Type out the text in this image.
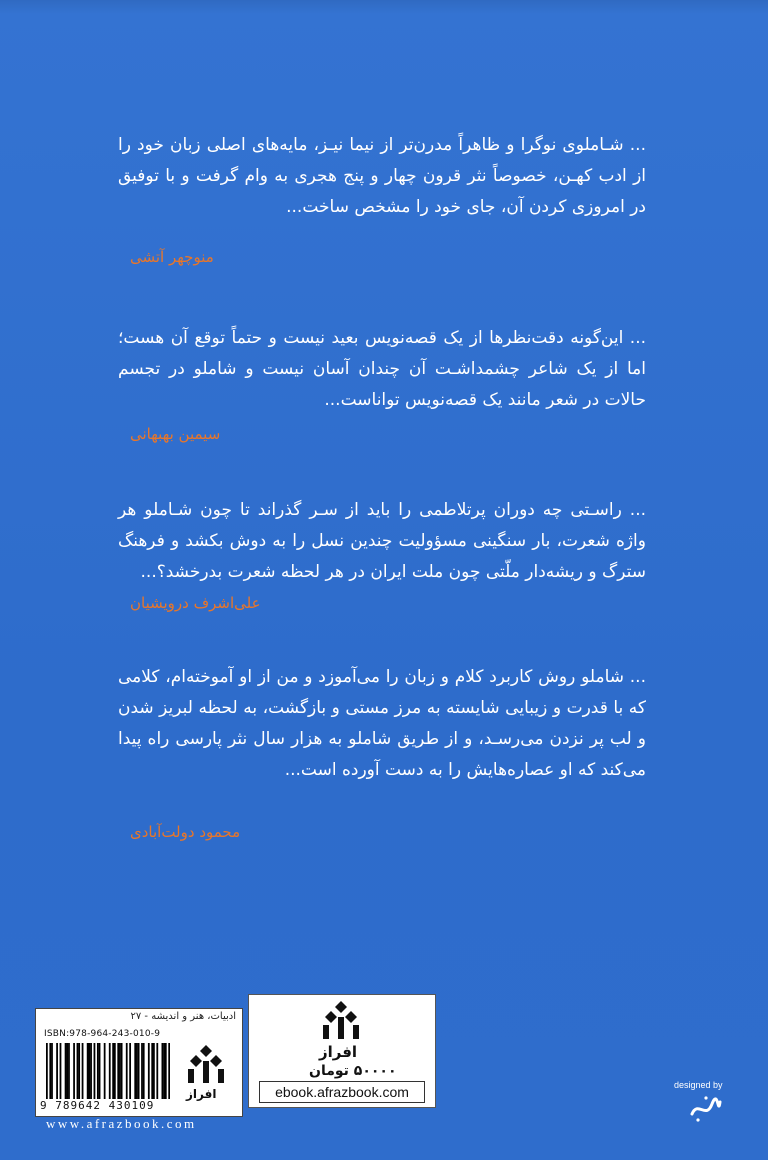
... شـاملوی نوگرا و ظاهراً مدرن‌تر از نیما نیـز، مایه‌های اصلی زبان خود را از ادب کهـن، خصوصاً نثر قرون چهار و پنج هجری به وام گرفت و با توفیق در امروزی کردن آن، جای خود را مشخص ساخت...
منوچهر آتشی
... این‌گونه دقت‌نظرها از یک قصه‌نویس بعید نیست و حتماً توقع آن هست؛ اما از یک شاعر چشمداشـت آن چندان آسان نیست و شاملو در تجسم حالات در شعر مانند یک قصه‌نویس تواناست...
سیمین بهبهانی
... راسـتی چه دوران پرتلاطمی را باید از سـر گذراند تا چون شـاملو هر واژه شعرت، بار سنگینی مسؤولیت چندین نسل را به دوش بکشد و فرهنگ سترگ و ریشه‌دار ملّتی چون ملت ایران در هر لحظه شعرت بدرخشد؟...
علی‌اشرف درویشیان
... شاملو روش کاربرد کلام و زبان را می‌آموزد و من از او آموخته‌ام، کلامی که با قدرت و زیبایی شایسته به مرز مستی و بازگشت، به لحظه لبریز شدن و لب پر نزدن می‌رسـد، و از طریق شاملو به هزار سال نثر پارسی راه پیدا می‌کند که او عصاره‌هایش را به دست آورده است...
محمود دولت‌آبادی
ادبیات، هنر و اندیشه - ۲۷
ISBN:978-964-243-010-9
9 789642 430109
افراز
افراز
۵۰۰۰۰ تومان
ebook.afrazbook.com
www.afrazbook.com
designed by
